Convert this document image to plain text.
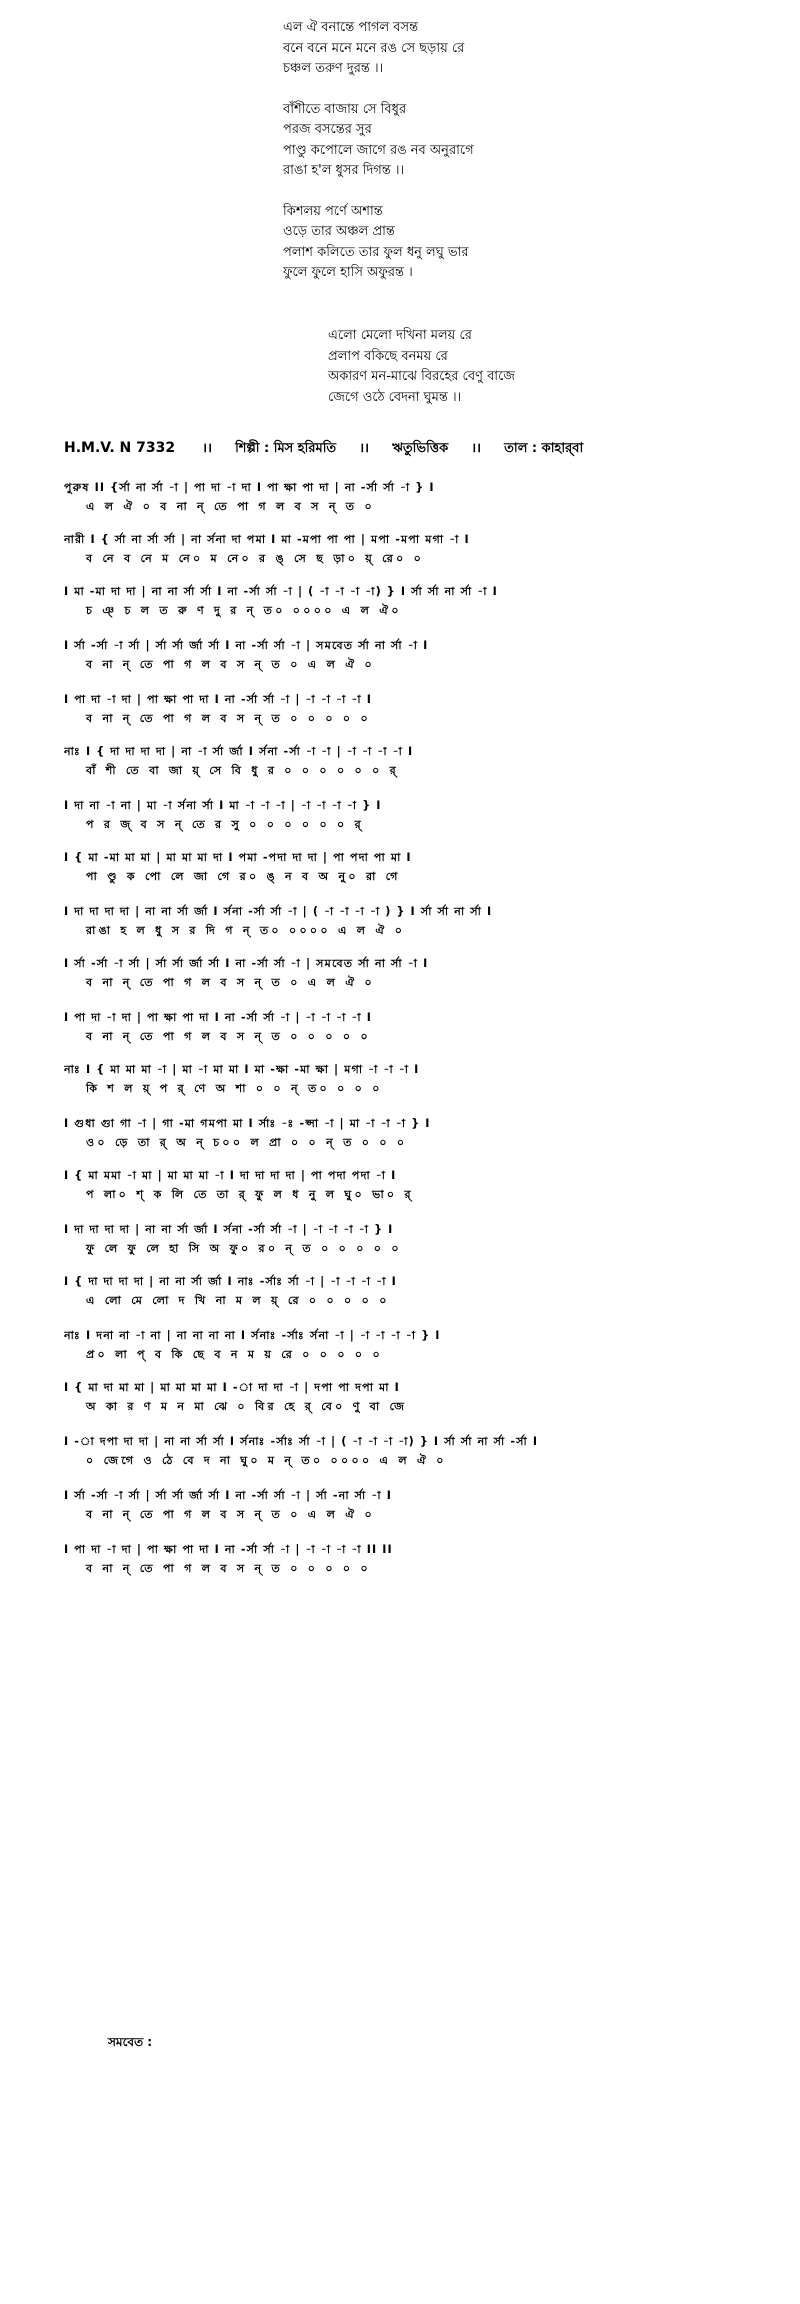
এল ঐ বনান্তে পাগল বসন্ত
বনে বনে মনে মনে রঙ সে ছড়ায় রে
চঞ্চল তরুণ দুরন্ত ।।
বাঁশীতে বাজায় সে বিধুর
পরজ বসন্তের সুর
পাণ্ডু কপোলে জাগে রঙ নব অনুরাগে
রাঙা হ'ল ধুসর দিগন্ত ।।
কিশলয় পর্ণে অশান্ত
ওড়ে তার অঞ্চল প্রান্ত
পলাশ কলিতে তার ফুল ধনু লঘু ভার
ফুলে ফুলে হাসি অফুরন্ত ।
এলো মেলো দখিনা মলয় রে
প্রলাপ বকিছে বনময় রে
অকারণ মন-মাঝে বিরহের বেণু বাজে
জেগে ওঠে বেদনা ঘুমন্ত ।।
H.M.V. N 7332 ।। শিল্পী : মিস হরিমতি ।। ঋতুভিত্তিক ।। তাল : কাহার্‌বা
পুরুষ II {র্সা না র্সা -া | পা দা -া দা I পা ক্ষা পা দা | না -র্সা র্সা -া } I
এ ল ঐ ০ ব না ন্ তে পা গ ল ব স ন্ ত ০
নারী I { র্সা না র্সা র্সা | না র্সনা দা পমা I মা -মপা পা পা | মপা -মপা মগা -া I
ব নে ব নে ম নে০ ম নে০ র ঙ্ সে ছ ড়া০ য়্ রে০ ০
I মা -মা দা দা | না না র্সা র্সা I না -র্সা র্সা -া | ( -া -া -া -া) } I র্সা র্সা না র্সা -া I
চ ঞ্ চ ল ত রু ণ দু র ন্ ত০ ০০০০ এ ল ঐ০
I র্সা -র্সা -া র্সা | র্সা র্সা র্জা র্সা I না -র্সা র্সা -া | সমবেত র্সা না র্সা -া I
ব না ন্ তে পা গ ল ব স ন্ ত ০ এ ল ঐ ০
I পা দা -া দা | পা ক্ষা পা দা I না -র্সা র্সা -া | -া -া -া -া I
ব না ন্ তে পা গ ল ব স ন্ ত ০ ০ ০ ০ ০
নাঃ I { দা দা দা দা | না -া র্সা র্জা I র্সনা -র্সা -া -া | -া -া -া -া I
বাঁ শী তে বা জা য়্ সে বি ধু র ০ ০ ০ ০ ০ ০ র্
I দা না -া না | মা -া র্সনা র্সা I মা -া -া -া | -া -া -া -া } I
প র জ্ ব স ন্ তে র সু ০ ০ ০ ০ ০ ০ র্
I { মা -মা মা মা | মা মা মা দা I পমা -পদা দা দা | পা পদা পা মা I
পা ণ্ডু ক পো লে জা গে র০ ঙ্ ন ব অ নু০ রা গে
I দা দা দা দা | না না র্সা র্জা I র্সনা -র্সা র্সা -া | ( -া -া -া -া ) } I র্সা র্সা না র্সা I
রাঙা হ ল ধু স র দি গ ন্ ত০ ০০০০ এ ল ঐ ০
I র্সা -র্সা -া র্সা | র্সা র্সা র্জা র্সা I না -র্সা র্সা -া | সমবেত র্সা না র্সা -া I
ব না ন্ তে পা গ ল ব স ন্ ত ০ এ ল ঐ ০
I পা দা -া দা | পা ক্ষা পা দা I না -র্সা র্সা -া | -া -া -া -া I
ব না ন্ তে পা গ ল ব স ন্ ত ০ ০ ০ ০ ০
নাঃ I { মা মা মা -া | মা -া মা মা I মা -ক্ষা -মা ক্ষা | মগা -া -া -া I
কি শ ল য়্ প র্ ণে অ শা ০ ০ ন্ ত০ ০ ০ ০
I গুধা গুা গা -া | গা -মা গমপা মা I র্সাঃ -ঃ -প্সা -া | মা -া -া -া } I
ও০ ড়ে তা র্ অ ন্ চ০০ ল প্রা ০ ০ ন্ ত ০ ০ ০
I { মা মমা -া মা | মা মা মা -া I দা দা দা দা | পা পদা পদা -া I
প লা০ শ্ ক লি তে তা র্ ফু ল ধ নু ল ঘু০ ভা০ র্
I দা দা দা দা | না না র্সা র্জা I র্সনা -র্সা র্সা -া | -া -া -া -া } I
ফু লে ফু লে হা সি অ ফু০ র০ ন্ ত ০ ০ ০ ০ ০
I { দা দা দা দা | না না র্সা র্জা I নাঃ -র্সাঃ র্সা -া | -া -া -া -া I
এ লো মে লো দ খি না ম ল য়্ রে ০ ০ ০ ০ ০
নাঃ I দনা না -া না | না না না না I র্সনাঃ -র্সাঃ র্সনা -া | -া -া -া -া } I
প্র০ লা প্ ব কি ছে ব ন ম য় রে ০ ০ ০ ০ ০
I { মা দা মা মা | মা মা মা মা I -া দা দা -া | দপা পা দপা মা I
অ কা র ণ ম ন মা ঝে ০ বির হে র্ বে০ ণু বা জে
I -া দপা দা দা | না না র্সা র্সা I র্সনাঃ -র্সাঃ র্সা -া | ( -া -া -া -া) } I র্সা র্সা না র্সা -র্সা I
০ জেগে ও ঠে বে দ না ঘু০ ম ন্ ত০ ০০০০ এ ল ঐ ০
I র্সা -র্সা -া র্সা | র্সা র্সা র্জা র্সা I না -র্সা র্সা -া | র্সা -না র্সা -া I
ব না ন্ তে পা গ ল ব স ন্ ত ০ এ ল ঐ ০
I পা দা -া দা | পা ক্ষা পা দা I না -র্সা র্সা -া | -া -া -া -া II II
ব না ন্ তে পা গ ল ব স ন্ ত ০ ০ ০ ০ ০
সমবেত :
